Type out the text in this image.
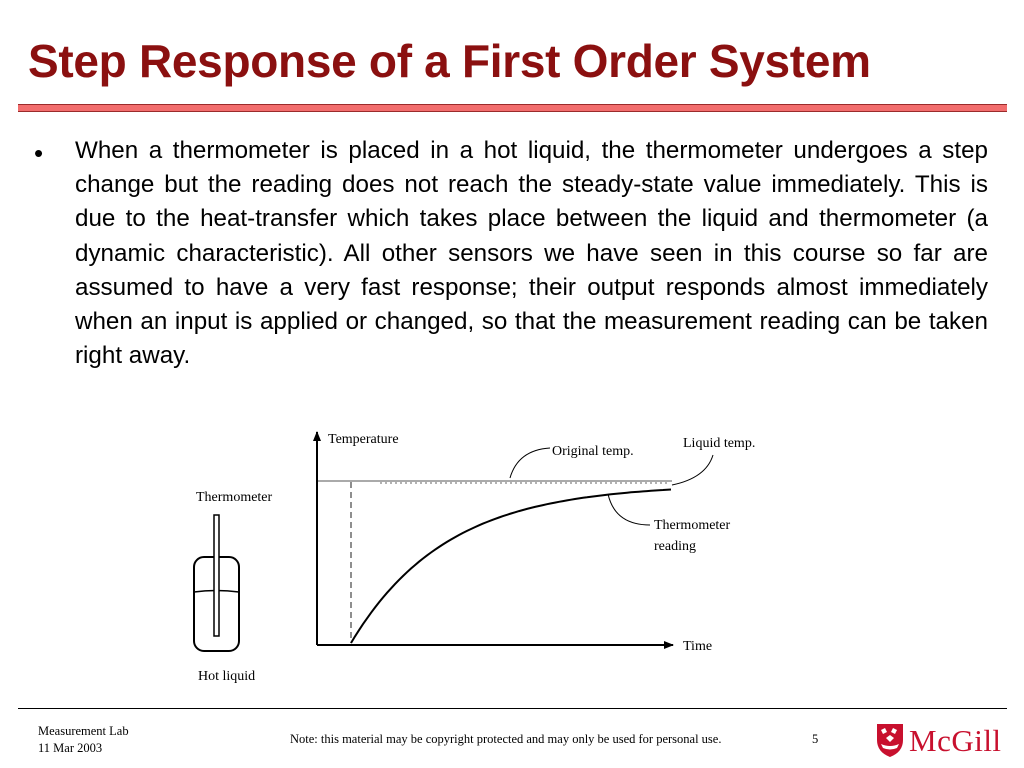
Step Response of a First Order System
• When a thermometer is placed in a hot liquid, the thermometer undergoes a step change but the reading does not reach the steady-state value immediately. This is due to the heat-transfer which takes place between the liquid and thermometer (a dynamic characteristic). All other sensors we have seen in this course so far are assumed to have a very fast response; their output responds almost immediately when an input is applied or changed, so that the measurement reading can be taken right away.
Thermometer
Hot liquid
Temperature
Time
Original temp.
Liquid temp.
Thermometer
reading
Measurement Lab
11 Mar 2003
Note: this material may be copyright protected and may only be used for personal use.	5	McGill
